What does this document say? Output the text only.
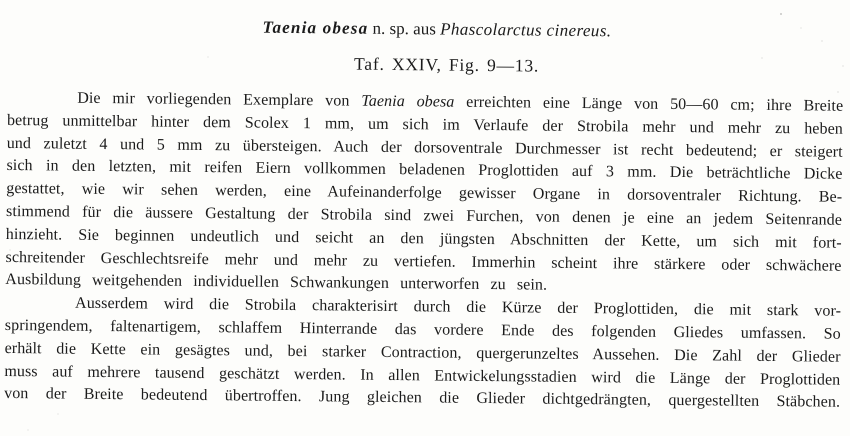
Taenia obesa n. sp. aus Phascolarctus cinereus.
Taf. XXIV, Fig. 9—13.
Die mir vorliegenden Exemplare von Taenia obesa erreichten eine Länge von 50—60 cm; ihre Breite
betrug unmittelbar hinter dem Scolex 1 mm, um sich im Verlaufe der Strobila mehr und mehr zu heben
und zuletzt 4 und 5 mm zu übersteigen. Auch der dorsoventrale Durchmesser ist recht bedeutend; er steigert
sich in den letzten, mit reifen Eiern vollkommen beladenen Proglottiden auf 3 mm. Die beträchtliche Dicke
gestattet, wie wir sehen werden, eine Aufeinanderfolge gewisser Organe in dorsoventraler Richtung. Be-
stimmend für die äussere Gestaltung der Strobila sind zwei Furchen, von denen je eine an jedem Seitenrande
hinzieht. Sie beginnen undeutlich und seicht an den jüngsten Abschnitten der Kette, um sich mit fort-
schreitender Geschlechtsreife mehr und mehr zu vertiefen. Immerhin scheint ihre stärkere oder schwächere
Ausbildung weitgehenden individuellen Schwankungen unterworfen zu sein.
Ausserdem wird die Strobila charakterisirt durch die Kürze der Proglottiden, die mit stark vor-
springendem, faltenartigem, schlaffem Hinterrande das vordere Ende des folgenden Gliedes umfassen. So
erhält die Kette ein gesägtes und, bei starker Contraction, quergerunzeltes Aussehen. Die Zahl der Glieder
muss auf mehrere tausend geschätzt werden. In allen Entwickelungsstadien wird die Länge der Proglottiden
von der Breite bedeutend übertroffen. Jung gleichen die Glieder dichtgedrängten, quergestellten Stäbchen.
